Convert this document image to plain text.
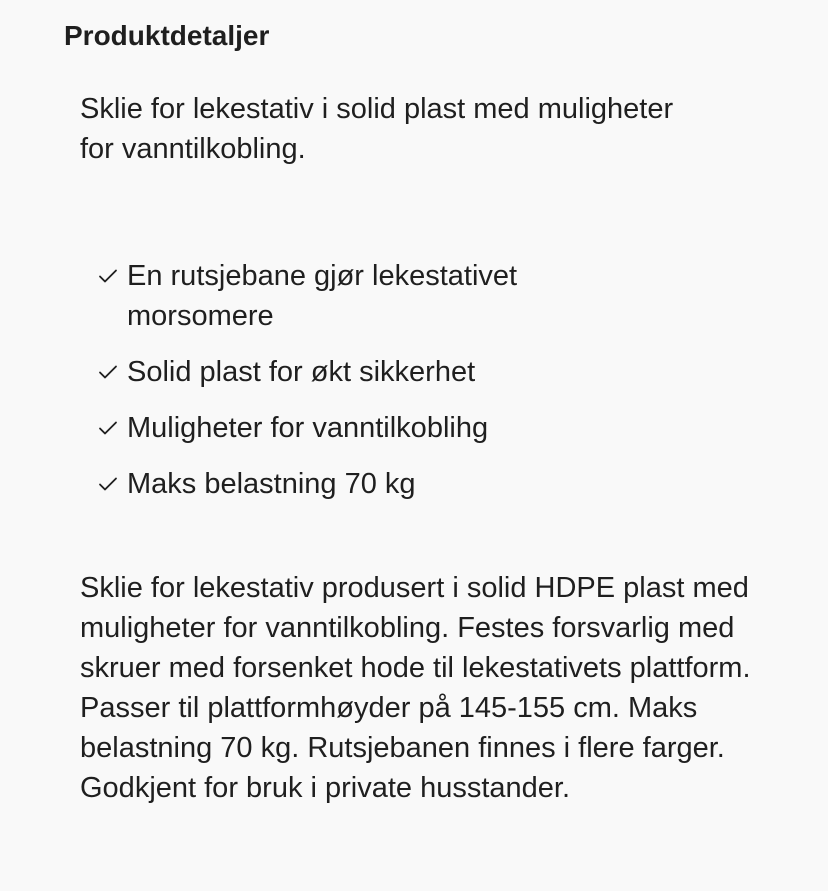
Produktdetaljer

Sklie for lekestativ i solid plast med muligheter for vanntilkobling.

En rutsjebane gjør lekestativet morsomere
Solid plast for økt sikkerhet
Muligheter for vanntilkoblihg
Maks belastning 70 kg

Sklie for lekestativ produsert i solid HDPE plast med muligheter for vanntilkobling. Festes forsvarlig med skruer med forsenket hode til lekestativets plattform. Passer til plattformhøyder på 145-155 cm. Maks belastning 70 kg. Rutsjebanen finnes i flere farger. Godkjent for bruk i private husstander.
